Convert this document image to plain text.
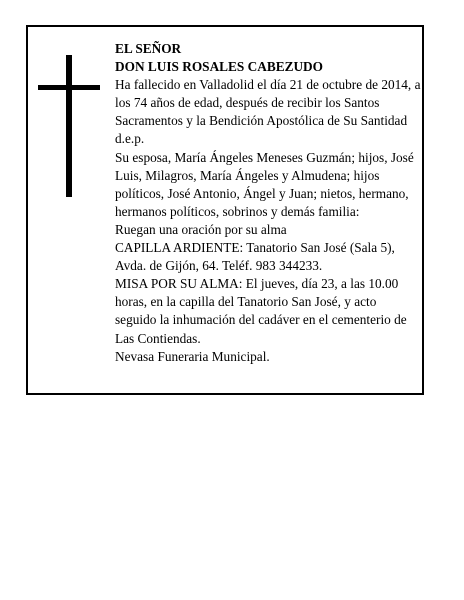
EL SEÑOR

DON LUIS ROSALES CABEZUDO

Ha fallecido en Valladolid el día 21 de octubre de 2014, a los 74 años de edad, después de recibir los Santos Sacramentos y la Bendición Apostólica de Su Santidad

d.e.p.

Su esposa, María Ángeles Meneses Guzmán; hijos, José Luis, Milagros, María Ángeles y Almudena; hijos políticos, José Antonio, Ángel y Juan; nietos, hermano, hermanos políticos, sobrinos y demás familia:

Ruegan una oración por su alma

CAPILLA ARDIENTE: Tanatorio San José (Sala 5), Avda. de Gijón, 64. Teléf. 983 344233.

MISA POR SU ALMA: El jueves, día 23, a las 10.00 horas, en la capilla del Tanatorio San José, y acto seguido la inhumación del cadáver en el cementerio de Las Contiendas.

Nevasa Funeraria Municipal.
